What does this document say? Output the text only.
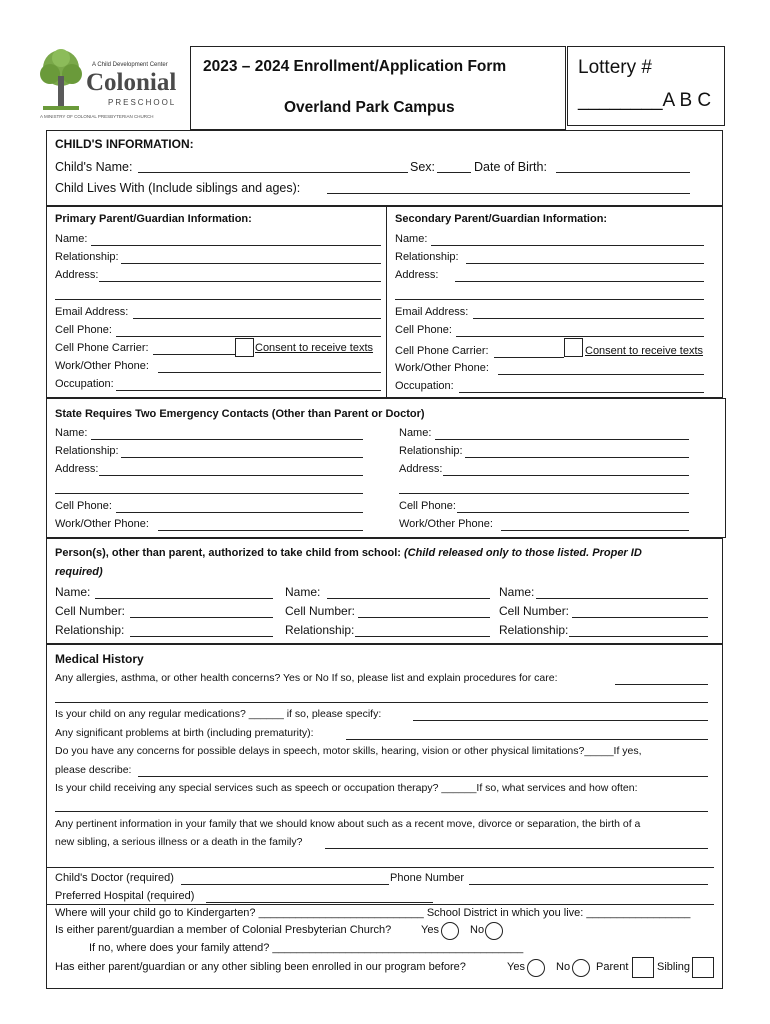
A Child Development Center
Colonial
PRESCHOOL
A MINISTRY OF COLONIAL PRESBYTERIAN CHURCH
2023 – 2024 Enrollment/Application Form
Overland Park Campus
Lottery #
________A B C
CHILD'S INFORMATION:
Child's Name:	Sex:	Date of Birth:
Child Lives With (Include siblings and ages):
Primary Parent/Guardian Information:
Name:
Relationship:
Address:
Email Address:
Cell Phone:
Cell Phone Carrier:	Consent to receive texts
Work/Other Phone:
Occupation:
Secondary Parent/Guardian Information:
Name:
Relationship:
Address:
Email Address:
Cell Phone:
Cell Phone Carrier:	Consent to receive texts
Work/Other Phone:
Occupation:
State Requires Two Emergency Contacts (Other than Parent or Doctor)
Name:
Relationship:
Address:
Cell Phone:
Work/Other Phone:
Name:
Relationship:
Address:
Cell Phone:
Work/Other Phone:
Person(s), other than parent, authorized to take child from school: (Child released only to those listed. Proper ID
required)
Name:
Cell Number:
Relationship:
Name:
Cell Number:
Relationship:
Name:
Cell Number:
Relationship:
Medical History
Any allergies, asthma, or other health concerns? Yes or No If so, please list and explain procedures for care:
Is your child on any regular medications? ______ if so, please specify:
Any significant problems at birth (including prematurity):
Do you have any concerns for possible delays in speech, motor skills, hearing, vision or other physical limitations?_____If yes,
please describe:
Is your child receiving any special services such as speech or occupation therapy? ______If so, what services and how often:
Any pertinent information in your family that we should know about such as a recent move, divorce or separation, the birth of a
new sibling, a serious illness or a death in the family?
Child's Doctor (required)	Phone Number
Preferred Hospital (required)
Where will your child go to Kindergarten? ___________________________ School District in which you live: _________________
Is either parent/guardian a member of Colonial Presbyterian Church?	Yes	No
If no, where does your family attend? _________________________________________
Has either parent/guardian or any other sibling been enrolled in our program before?	Yes	No Parent	Sibling
